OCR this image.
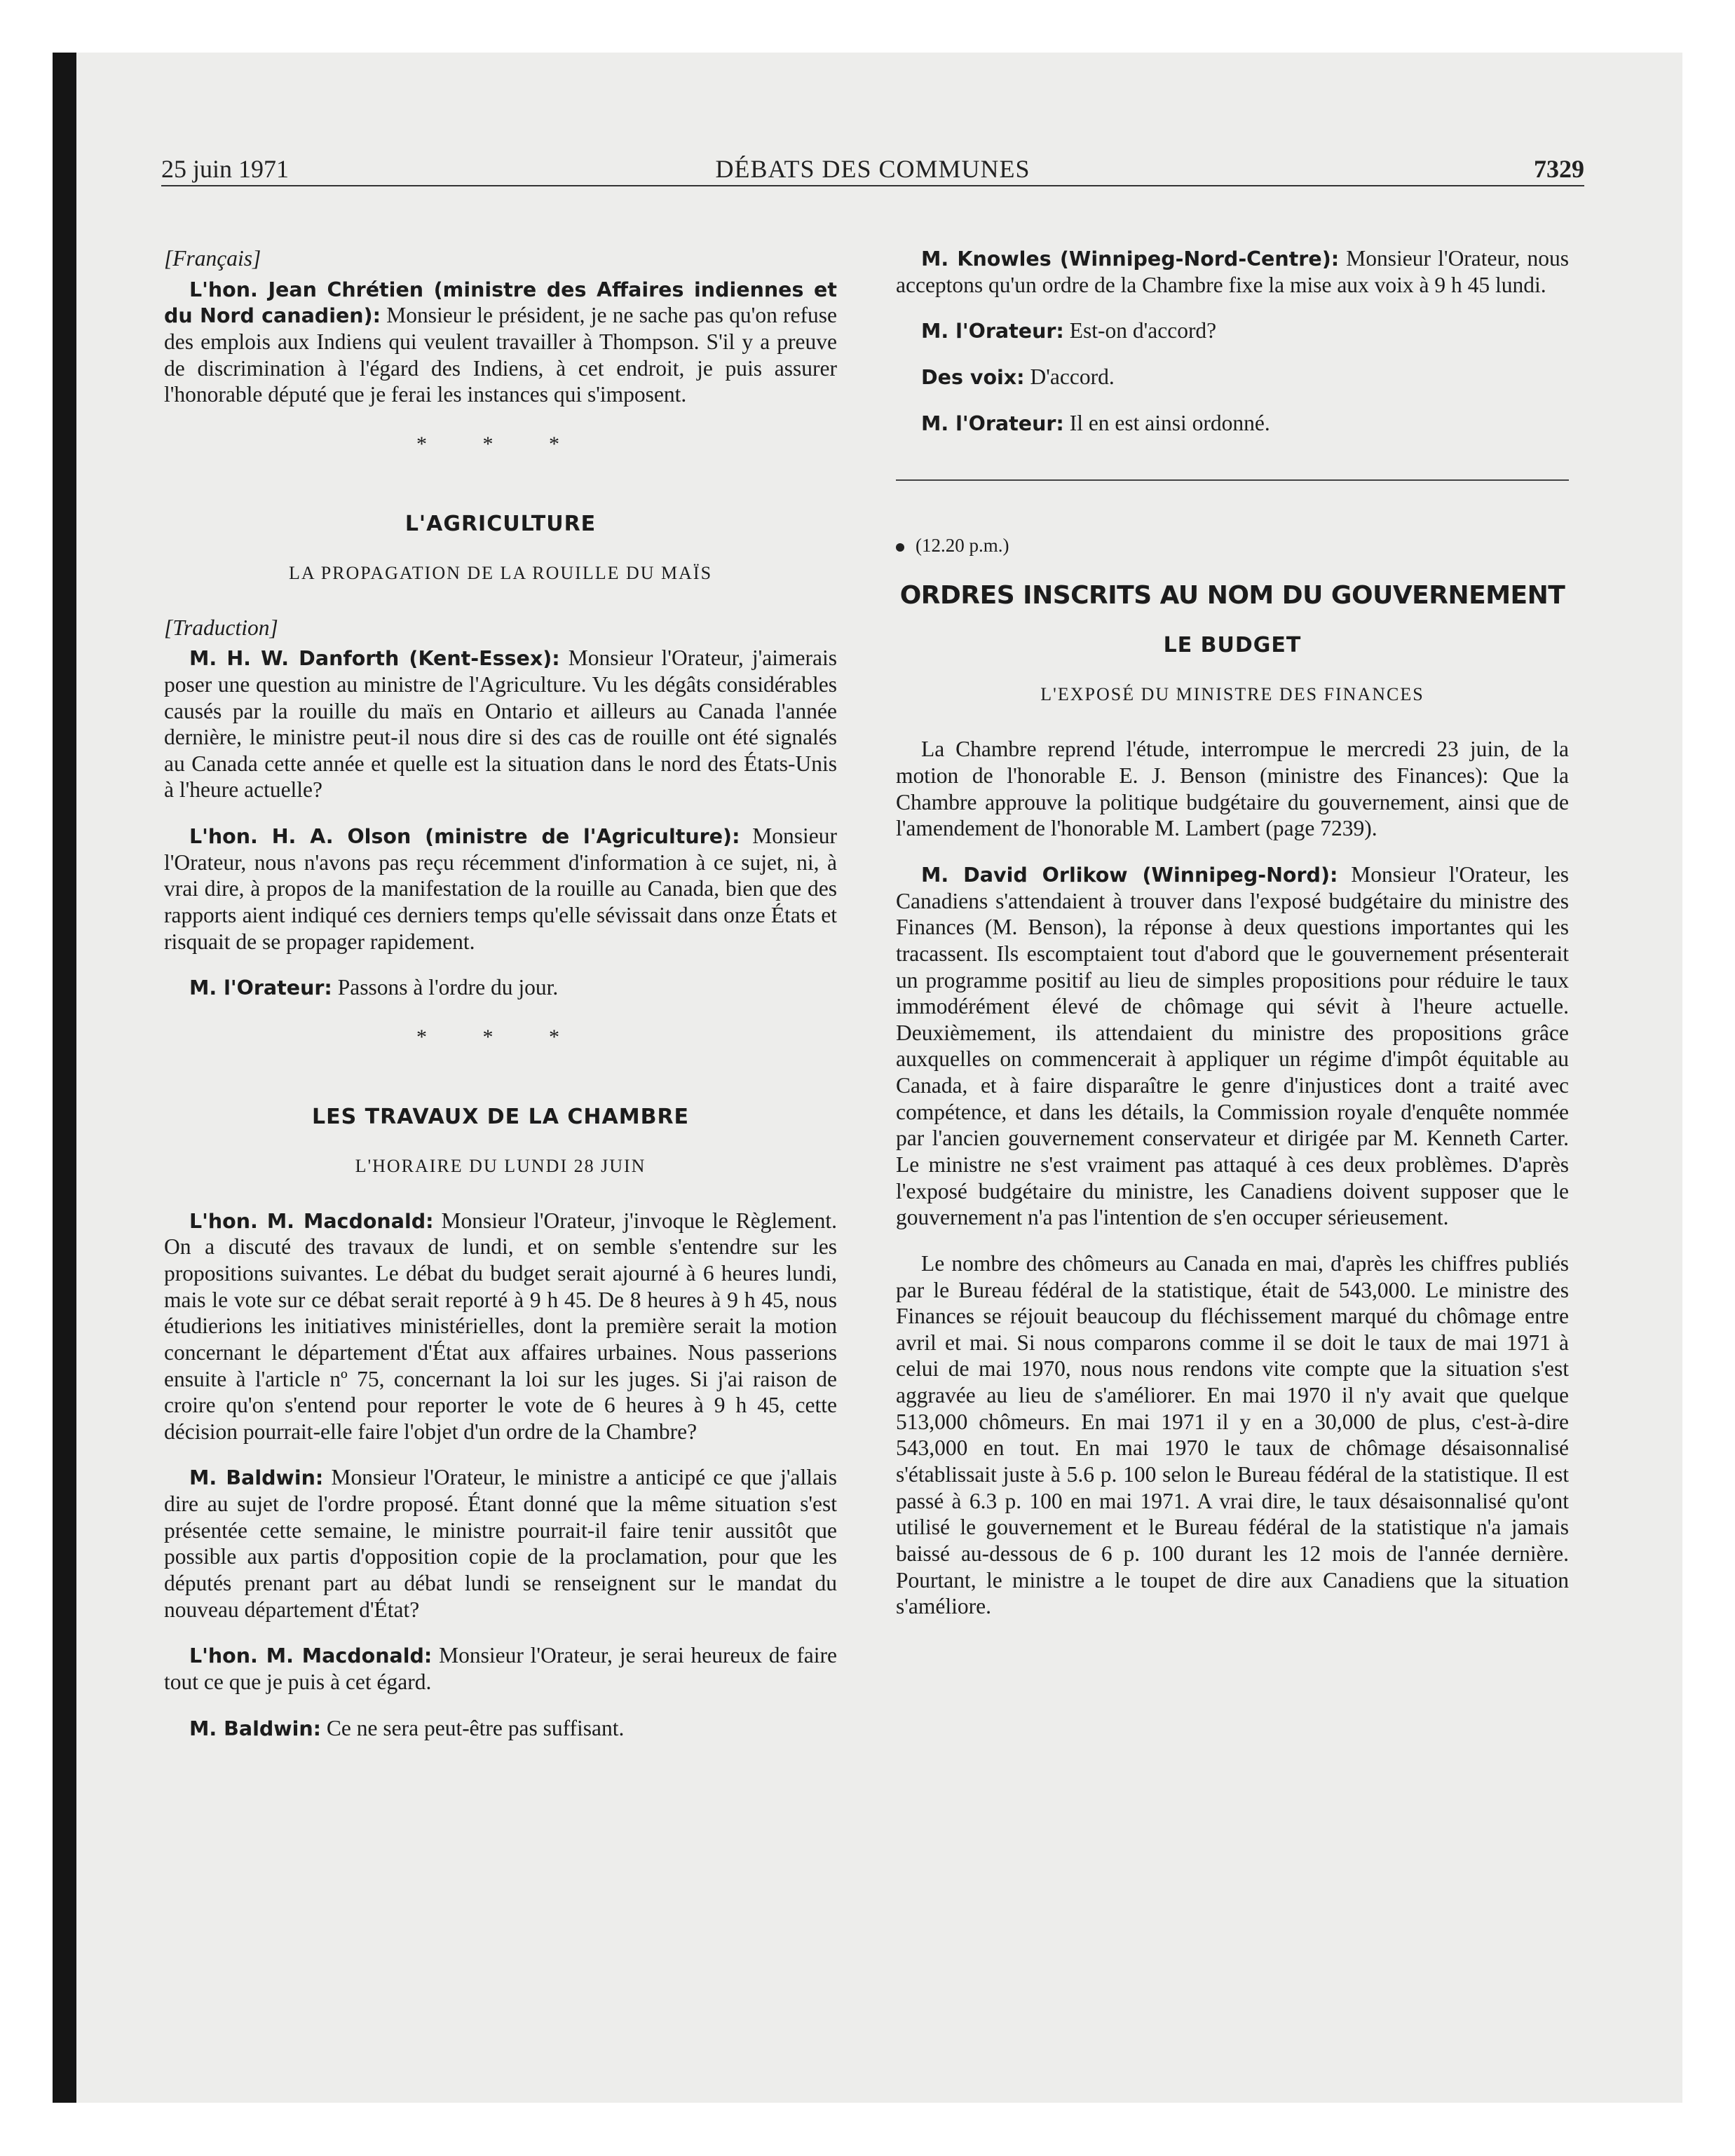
25 juin 1971	DÉBATS DES COMMUNES	7329

[Français]

L'hon. Jean Chrétien (ministre des Affaires indiennes et du Nord canadien): Monsieur le président, je ne sache pas qu'on refuse des emplois aux Indiens qui veulent travailler à Thompson. S'il y a preuve de discrimination à l'égard des Indiens, à cet endroit, je puis assurer l'honorable député que je ferai les instances qui s'imposent.

* * *
L'AGRICULTURE
LA PROPAGATION DE LA ROUILLE DU MAÏS

[Traduction]

M. H. W. Danforth (Kent-Essex): Monsieur l'Orateur, j'aimerais poser une question au ministre de l'Agriculture. Vu les dégâts considérables causés par la rouille du maïs en Ontario et ailleurs au Canada l'année dernière, le ministre peut-il nous dire si des cas de rouille ont été signalés au Canada cette année et quelle est la situation dans le nord des États-Unis à l'heure actuelle?

L'hon. H. A. Olson (ministre de l'Agriculture): Monsieur l'Orateur, nous n'avons pas reçu récemment d'information à ce sujet, ni, à vrai dire, à propos de la manifestation de la rouille au Canada, bien que des rapports aient indiqué ces derniers temps qu'elle sévissait dans onze États et risquait de se propager rapidement.

M. l'Orateur: Passons à l'ordre du jour.

* * *
LES TRAVAUX DE LA CHAMBRE
L'HORAIRE DU LUNDI 28 JUIN

L'hon. M. Macdonald: Monsieur l'Orateur, j'invoque le Règlement. On a discuté des travaux de lundi, et on semble s'entendre sur les propositions suivantes. Le débat du budget serait ajourné à 6 heures lundi, mais le vote sur ce débat serait reporté à 9 h 45. De 8 heures à 9 h 45, nous étudierions les initiatives ministérielles, dont la première serait la motion concernant le département d'État aux affaires urbaines. Nous passerions ensuite à l'article nº 75, concernant la loi sur les juges. Si j'ai raison de croire qu'on s'entend pour reporter le vote de 6 heures à 9 h 45, cette décision pourrait-elle faire l'objet d'un ordre de la Chambre?

M. Baldwin: Monsieur l'Orateur, le ministre a anticipé ce que j'allais dire au sujet de l'ordre proposé. Étant donné que la même situation s'est présentée cette semaine, le ministre pourrait-il faire tenir aussitôt que possible aux partis d'opposition copie de la proclamation, pour que les députés prenant part au débat lundi se renseignent sur le mandat du nouveau département d'État?

L'hon. M. Macdonald: Monsieur l'Orateur, je serai heureux de faire tout ce que je puis à cet égard.

M. Baldwin: Ce ne sera peut-être pas suffisant.

M. Knowles (Winnipeg-Nord-Centre): Monsieur l'Orateur, nous acceptons qu'un ordre de la Chambre fixe la mise aux voix à 9 h 45 lundi.

M. l'Orateur: Est-on d'accord?

Des voix: D'accord.

M. l'Orateur: Il en est ainsi ordonné.

(12.20 p.m.)
ORDRES INSCRITS AU NOM DU GOUVERNEMENT
LE BUDGET
L'EXPOSÉ DU MINISTRE DES FINANCES

La Chambre reprend l'étude, interrompue le mercredi 23 juin, de la motion de l'honorable E. J. Benson (ministre des Finances): Que la Chambre approuve la politique budgétaire du gouvernement, ainsi que de l'amendement de l'honorable M. Lambert (page 7239).

M. David Orlikow (Winnipeg-Nord): Monsieur l'Orateur, les Canadiens s'attendaient à trouver dans l'exposé budgétaire du ministre des Finances (M. Benson), la réponse à deux questions importantes qui les tracassent. Ils escomptaient tout d'abord que le gouvernement présenterait un programme positif au lieu de simples propositions pour réduire le taux immodérément élevé de chômage qui sévit à l'heure actuelle. Deuxièmement, ils attendaient du ministre des propositions grâce auxquelles on commencerait à appliquer un régime d'impôt équitable au Canada, et à faire disparaître le genre d'injustices dont a traité avec compétence, et dans les détails, la Commission royale d'enquête nommée par l'ancien gouvernement conservateur et dirigée par M. Kenneth Carter. Le ministre ne s'est vraiment pas attaqué à ces deux problèmes. D'après l'exposé budgétaire du ministre, les Canadiens doivent supposer que le gouvernement n'a pas l'intention de s'en occuper sérieusement.

Le nombre des chômeurs au Canada en mai, d'après les chiffres publiés par le Bureau fédéral de la statistique, était de 543,000. Le ministre des Finances se réjouit beaucoup du fléchissement marqué du chômage entre avril et mai. Si nous comparons comme il se doit le taux de mai 1971 à celui de mai 1970, nous nous rendons vite compte que la situation s'est aggravée au lieu de s'améliorer. En mai 1970 il n'y avait que quelque 513,000 chômeurs. En mai 1971 il y en a 30,000 de plus, c'est-à-dire 543,000 en tout. En mai 1970 le taux de chômage désaisonnalisé s'établissait juste à 5.6 p. 100 selon le Bureau fédéral de la statistique. Il est passé à 6.3 p. 100 en mai 1971. A vrai dire, le taux désaisonnalisé qu'ont utilisé le gouvernement et le Bureau fédéral de la statistique n'a jamais baissé au-dessous de 6 p. 100 durant les 12 mois de l'année dernière. Pourtant, le ministre a le toupet de dire aux Canadiens que la situation s'améliore.
